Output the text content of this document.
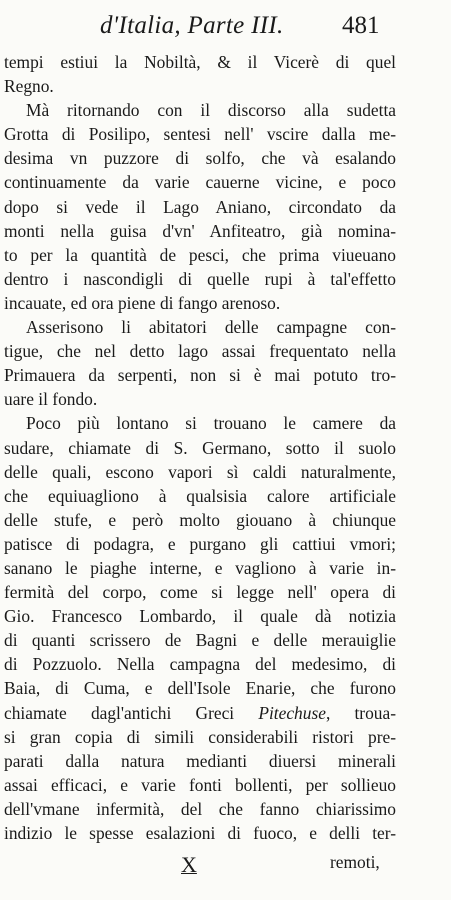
d'Italia, Parte III. 481
tempi estiui la Nobiltà, & il Vicerè di quel
Regno.
Mà ritornando con il discorso alla sudetta
Grotta di Posilipo, sentesi nell' vscire dalla me-
desima vn puzzore di solfo, che và esalando
continuamente da varie cauerne vicine, e poco
dopo si vede il Lago Aniano, circondato da
monti nella guisa d'vn' Anfiteatro, già nomina-
to per la quantità de pesci, che prima viueuano
dentro i nascondigli di quelle rupi à tal'effetto
incauate, ed ora piene di fango arenoso.
Asserisono li abitatori delle campagne con-
tigue, che nel detto lago assai frequentato nella
Primauera da serpenti, non si è mai potuto tro-
uare il fondo.
Poco più lontano si trouano le camere da
sudare, chiamate di S. Germano, sotto il suolo
delle quali, escono vapori sì caldi naturalmente,
che equiuagliono à qualsisia calore artificiale
delle stufe, e però molto giouano à chiunque
patisce di podagra, e purgano gli cattiui vmori;
sanano le piaghe interne, e vagliono à varie in-
fermità del corpo, come si legge nell' opera di
Gio. Francesco Lombardo, il quale dà notizia
di quanti scrissero de Bagni e delle merauiglie
di Pozzuolo. Nella campagna del medesimo, di
Baia, di Cuma, e dell'Isole Enarie, che furono
chiamate dagl'antichi Greci Pitechuse, troua-
si gran copia di simili considerabili ristori pre-
parati dalla natura medianti diuersi minerali
assai efficaci, e varie fonti bollenti, per sollieuo
dell'vmane infermità, del che fanno chiarissimo
indizio le spesse esalazioni di fuoco, e delli ter-
X	remoti,
